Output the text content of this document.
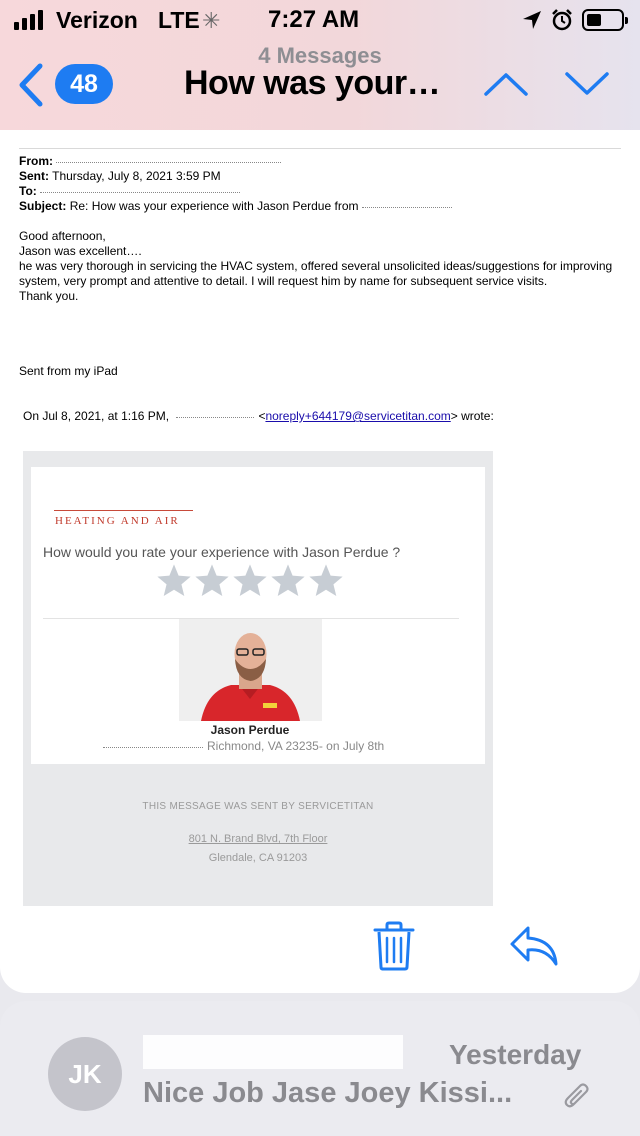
Verizon LTE ✳ 7:27 AM
4 Messages
48	How was your…
From:
Sent: Thursday, July 8, 2021 3:59 PM
To:
Subject: Re: How was your experience with Jason Perdue from
Good afternoon,
Jason was excellent….
he was very thorough in servicing the HVAC system, offered several unsolicited ideas/suggestions for improving
system, very prompt and attentive to detail. I will request him by name for subsequent service visits.
Thank you.
Sent from my iPad
On Jul 8, 2021, at 1:16 PM,	<noreply+644179@servicetitan.com> wrote:
HEATING AND AIR
How would you rate your experience with Jason Perdue ?
Jason Perdue
Richmond, VA 23235- on July 8th
THIS MESSAGE WAS SENT BY SERVICETITAN
801 N. Brand Blvd, 7th Floor
Glendale, CA 91203
JK
Yesterday
Nice Job Jase Joey Kissi...
